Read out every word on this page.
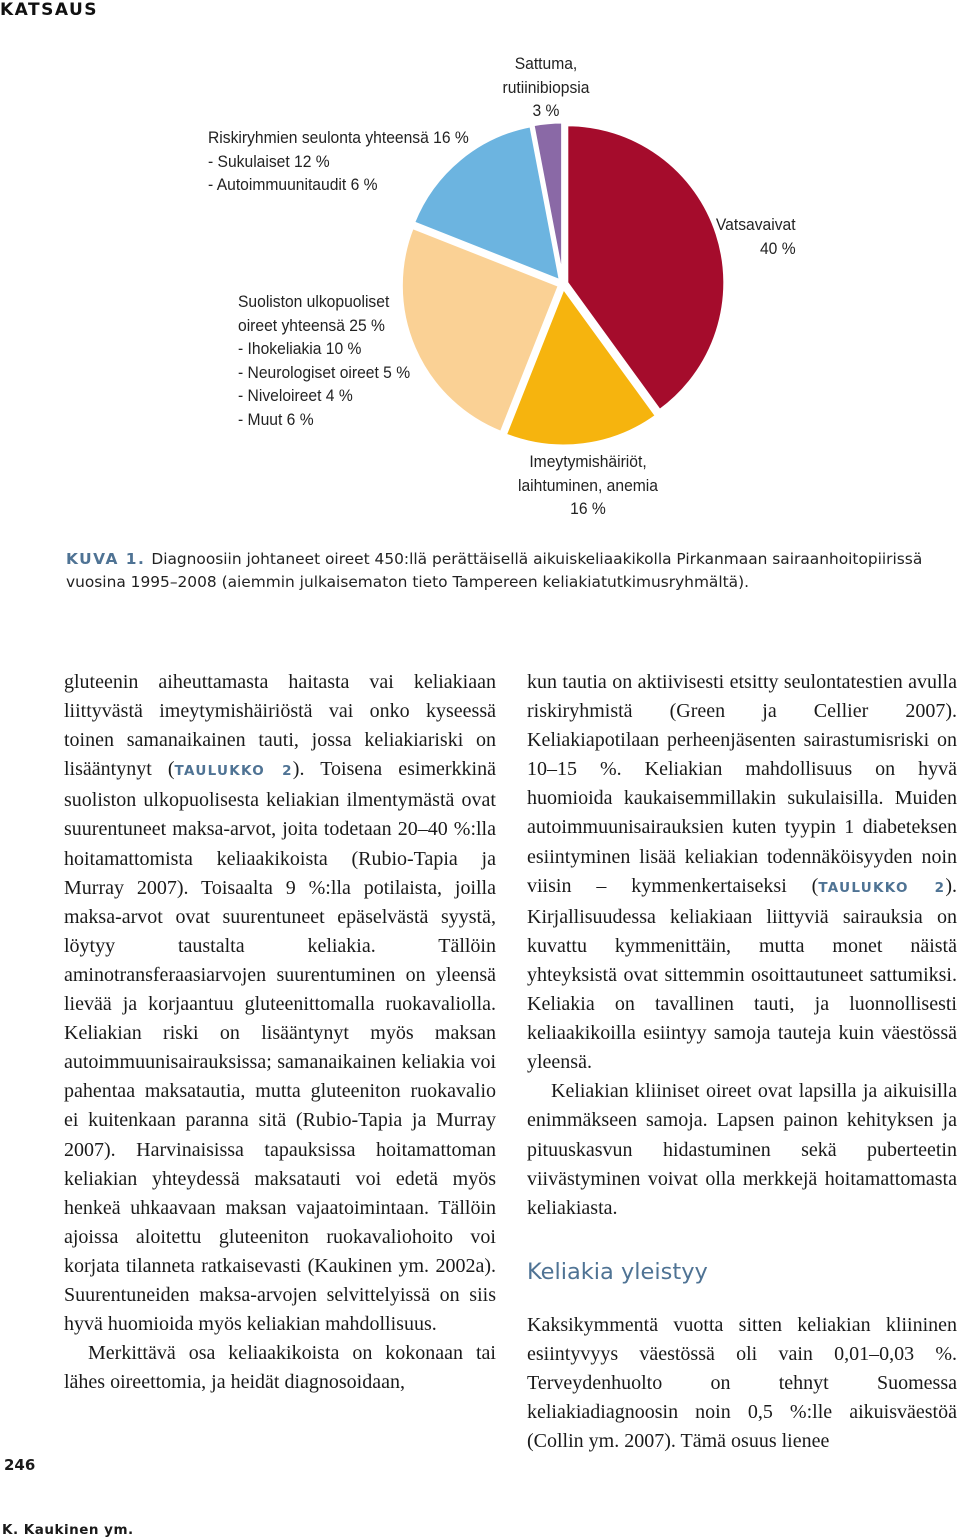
KATSAUS
Sattuma,
rutiinibiopsia
3 %
Riskiryhmien seulonta yhteensä 16 %
- Sukulaiset 12 %
- Autoimmuunitaudit 6 %
Vatsavaivat
40 %
Suoliston ulkopuoliset
oireet yhteensä 25 %
- Ihokeliakia 10 %
- Neurologiset oireet 5 %
- Niveloireet 4 %
- Muut 6 %
Imeytymishäiriöt,
laihtuminen, anemia
16 %
KUVA 1. Diagnoosiin johtaneet oireet 450:llä perättäisellä aikuiskeliaakikolla Pirkanmaan sairaanhoitopiirissä vuosina 1995–2008 (aiemmin julkaisematon tieto Tampereen keliakiatutkimusryhmältä).

gluteenin aiheuttamasta haitasta vai keliakiaan liittyvästä imeytymishäiriöstä vai onko kyseessä toinen samanaikainen tauti, jossa keliakiariski on lisääntynyt (TAULUKKO 2). Toisena esimerkkinä suoliston ulkopuolisesta keliakian ilmentymästä ovat suurentuneet maksa-arvot, joita todetaan 20–40 %:lla hoitamattomista keliaakikoista (Rubio-Tapia ja Murray 2007). Toisaalta 9 %:lla potilaista, joilla maksa-arvot ovat suurentuneet epäselvästä syystä, löytyy taustalta keliakia. Tällöin aminotransferaasiarvojen suurentuminen on yleensä lievää ja korjaantuu gluteenittomalla ruokavaliolla. Keliakian riski on lisääntynyt myös maksan autoimmuunisairauksissa; samanaikainen keliakia voi pahentaa maksatautia, mutta gluteeniton ruokavalio ei kuitenkaan paranna sitä (Rubio-Tapia ja Murray 2007). Harvinaisissa tapauksissa hoitamattoman keliakian yhteydessä maksatauti voi edetä myös henkeä uhkaavaan maksan vajaatoimintaan. Tällöin ajoissa aloitettu gluteeniton ruokavaliohoito voi korjata tilanneta ratkaisevasti (Kaukinen ym. 2002a). Suurentuneiden maksa-arvojen selvittelyissä on siis hyvä huomioida myös keliakian mahdollisuus.

Merkittävä osa keliaakikoista on kokonaan tai lähes oireettomia, ja heidät diagnosoidaan,

kun tautia on aktiivisesti etsitty seulontatestien avulla riskiryhmistä (Green ja Cellier 2007). Keliakiapotilaan perheenjäsenten sairastumisriski on 10–15 %. Keliakian mahdollisuus on hyvä huomioida kaukaisemmillakin sukulaisilla. Muiden autoimmuunisairauksien kuten tyypin 1 diabeteksen esiintyminen lisää keliakian todennäköisyyden noin viisin – kymmenkertaiseksi (TAULUKKO 2). Kirjallisuudessa keliakiaan liittyviä sairauksia on kuvattu kymmenittäin, mutta monet näistä yhteyksistä ovat sittemmin osoittautuneet sattumiksi. Keliakia on tavallinen tauti, ja luonnollisesti keliaakikoilla esiintyy samoja tauteja kuin väestössä yleensä.

Keliakian kliiniset oireet ovat lapsilla ja aikuisilla enimmäkseen samoja. Lapsen painon kehityksen ja pituuskasvun hidastuminen sekä puberteetin viivästyminen voivat olla merkkejä hoitamattomasta keliakiasta.

Keliakia yleistyy

Kaksikymmentä vuotta sitten keliakian kliininen esiintyvyys väestössä oli vain 0,01–0,03 %. Terveydenhuolto on tehnyt Suomessa keliakiadiagnoosin noin 0,5 %:lle aikuisväestöä (Collin ym. 2007). Tämä osuus lienee

246
K. Kaukinen ym.
